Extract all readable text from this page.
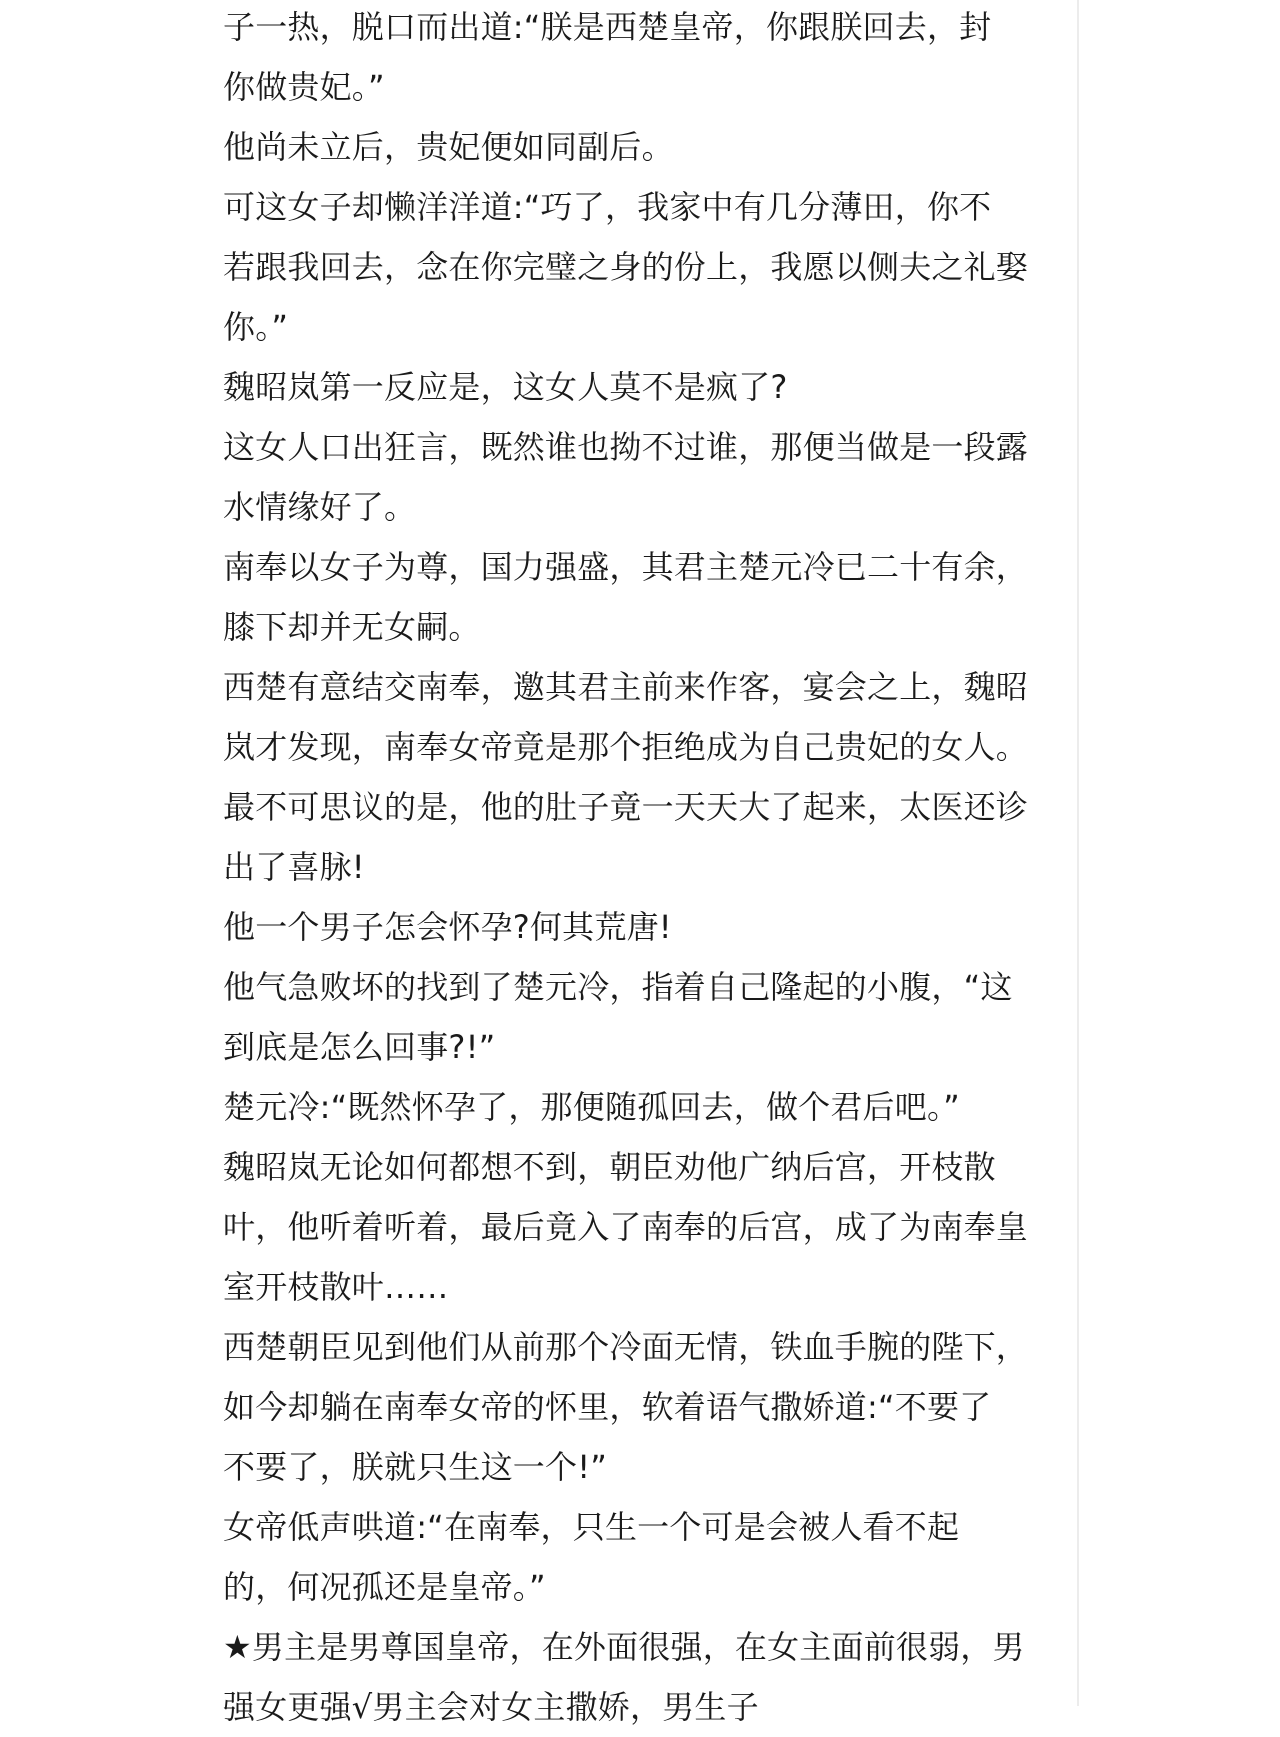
子一热，脱口而出道:“朕是西楚皇帝，你跟朕回去，封
你做贵妃。”
他尚未立后，贵妃便如同副后。
可这女子却懒洋洋道:“巧了，我家中有几分薄田，你不
若跟我回去，念在你完璧之身的份上，我愿以侧夫之礼娶
你。”
魏昭岚第一反应是，这女人莫不是疯了?
这女人口出狂言，既然谁也拗不过谁，那便当做是一段露
水情缘好了。
南奉以女子为尊，国力强盛，其君主楚元冷已二十有余，
膝下却并无女嗣。
西楚有意结交南奉，邀其君主前来作客，宴会之上，魏昭
岚才发现，南奉女帝竟是那个拒绝成为自己贵妃的女人。
最不可思议的是，他的肚子竟一天天大了起来，太医还诊
出了喜脉!
他一个男子怎会怀孕?何其荒唐!
他气急败坏的找到了楚元冷，指着自己隆起的小腹，“这
到底是怎么回事?!”
楚元冷:“既然怀孕了，那便随孤回去，做个君后吧。”
魏昭岚无论如何都想不到，朝臣劝他广纳后宫，开枝散
叶，他听着听着，最后竟入了南奉的后宫，成了为南奉皇
室开枝散叶……
西楚朝臣见到他们从前那个冷面无情，铁血手腕的陛下，
如今却躺在南奉女帝的怀里，软着语气撒娇道:“不要了
不要了，朕就只生这一个!”
女帝低声哄道:“在南奉，只生一个可是会被人看不起
的，何况孤还是皇帝。”
★男主是男尊国皇帝，在外面很强，在女主面前很弱，男
强女更强√男主会对女主撒娇，男生子
